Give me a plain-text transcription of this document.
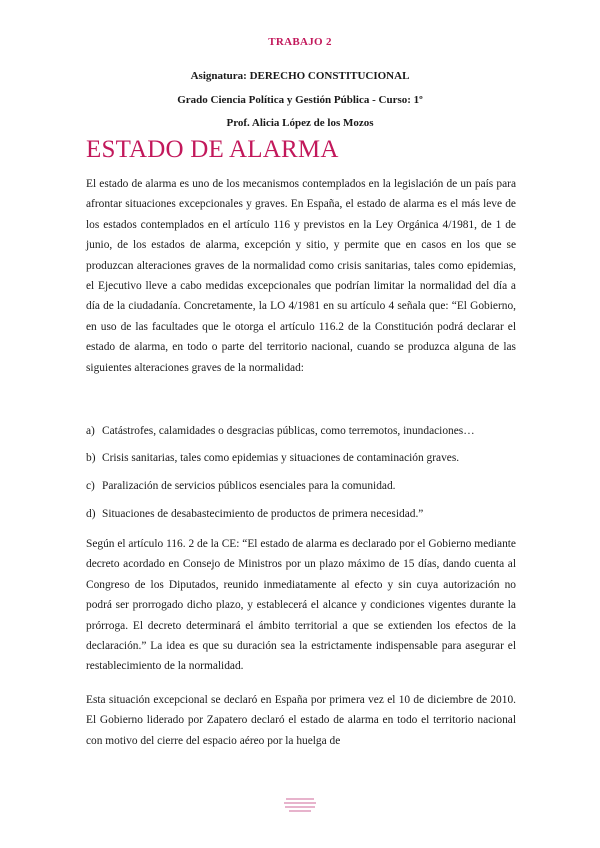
TRABAJO 2
Asignatura: DERECHO CONSTITUCIONAL
Grado Ciencia Política y Gestión Pública - Curso: 1º
Prof. Alicia López de los Mozos
ESTADO DE ALARMA

El estado de alarma es uno de los mecanismos contemplados en la legislación de un país para afrontar situaciones excepcionales y graves. En España, el estado de alarma es el más leve de los estados contemplados en el artículo 116 y previstos en la Ley Orgánica 4/1981, de 1 de junio, de los estados de alarma, excepción y sitio, y permite que en casos en los que se produzcan alteraciones graves de la normalidad como crisis sanitarias, tales como epidemias, el Ejecutivo lleve a cabo medidas excepcionales que podrían limitar la normalidad del día a día de la ciudadanía. Concretamente, la LO 4/1981 en su artículo 4 señala que: “El Gobierno, en uso de las facultades que le otorga el artículo 116.2 de la Constitución podrá declarar el estado de alarma, en todo o parte del territorio nacional, cuando se produzca alguna de las siguientes alteraciones graves de la normalidad:

a) Catástrofes, calamidades o desgracias públicas, como terremotos, inundaciones…
b) Crisis sanitarias, tales como epidemias y situaciones de contaminación graves.
c) Paralización de servicios públicos esenciales para la comunidad.
d) Situaciones de desabastecimiento de productos de primera necesidad.”

Según el artículo 116. 2 de la CE: “El estado de alarma es declarado por el Gobierno mediante decreto acordado en Consejo de Ministros por un plazo máximo de 15 días, dando cuenta al Congreso de los Diputados, reunido inmediatamente al efecto y sin cuya autorización no podrá ser prorrogado dicho plazo, y establecerá el alcance y condiciones vigentes durante la prórroga. El decreto determinará el ámbito territorial a que se extienden los efectos de la declaración.” La idea es que su duración sea la estrictamente indispensable para asegurar el restablecimiento de la normalidad.

Esta situación excepcional se declaró en España por primera vez el 10 de diciembre de 2010. El Gobierno liderado por Zapatero declaró el estado de alarma en todo el territorio nacional con motivo del cierre del espacio aéreo por la huelga de
